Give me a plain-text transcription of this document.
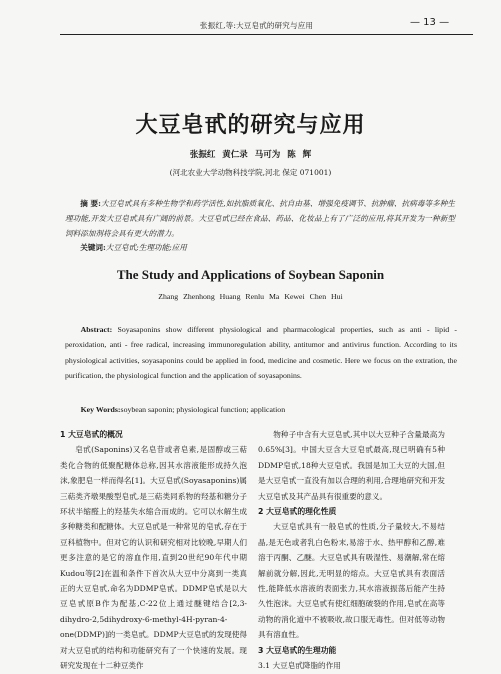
张振红,等:大豆皂甙的研究与应用	— 13 —
大豆皂甙的研究与应用
张振红 黄仁录 马可为 陈 辉
(河北农业大学动物科技学院,河北 保定 071001)
摘 要:大豆皂甙具有多种生物学和药学活性,如抗脂质氧化、抗自由基、增强免疫调节、抗肿瘤、抗病毒等多种生理功能,开发大豆皂甙具有广阔的前景。大豆皂甙已经在食品、药品、化妆品上有了广泛的应用,将其开发为一种新型饲料添加剂将会具有更大的潜力。
关键词:大豆皂甙;生理功能;应用
The Study and Applications of Soybean Saponin
Zhang Zhenhong Huang Renlu Ma Kewei Chen Hui
Abstract: Soyasaponins show different physiological and pharmacological properties, such as anti - lipid - peroxidation, anti - free radical, increasing immunoregulation ability, antitumor and antivirus function. According to its physiological activities, soyasaponins could be applied in food, medicine and cosmetic. Here we focus on the extration, the purification, the physiological function and the application of soyasaponins.
Key Words:soybean saponin; physiological function; application
1 大豆皂甙的概况

皂甙(Saponins)又名皂苷或者皂素,是固醇或三萜类化合物的低聚配糖体总称,因其水溶液能形成持久泡沫,象肥皂一样而得名[1]。大豆皂甙(Soyasaponins)属三萜类齐墩果酸型皂甙,是三萜类同系物的羟基和糖分子环状半缩醛上的羟基失水缩合而成的。它可以水解生成多种糖类和配糖体。大豆皂甙是一种常见的皂甙,存在于豆科植物中。但对它的认识和研究相对比较晚,早期人们更多注意的是它的溶血作用,直到20世纪90年代中期Kudou等[2]在温和条件下首次从大豆中分离到一类真正的大豆皂甙,命名为DDMP皂甙。DDMP皂甙是以大豆皂甙原B作为配基,C-22位上通过醚键结合[2,3-dihydro-2,5dihydroxy-6-methyl-4H-pyran-4-one(DDMP)]的一类皂甙。DDMP大豆皂甙的发现使得对大豆皂甙的结构和功能研究有了一个快速的发展。现研究发现在十二种豆类作

物种子中含有大豆皂甙,其中以大豆种子含量最高为0.65%[3]。中国大豆含大豆皂甙最高,现已明确有5种DDMP皂甙,18种大豆皂甙。我国是加工大豆的大国,但是大豆皂甙一直没有加以合理的利用,合理地研究和开发大豆皂甙及其产品具有很重要的意义。

2 大豆皂甙的理化性质

大豆皂甙具有一般皂甙的性质,分子量较大,不易结晶,是无色或者乳白色粉末,易溶于水、热甲醇和乙醇,难溶于丙酮、乙醚。大豆皂甙具有吸湿性、易潮解,常在熔解前就分解,因此,无明显的熔点。大豆皂甙具有表面活性,能降低水溶液的表面张力,其水溶液振荡后能产生持久性泡沫。大豆皂甙有使红细胞破裂的作用,皂甙在高等动物的消化道中不被吸收,故口服无毒性。但对低等动物具有溶血性。

3 大豆皂甙的生理功能
3.1 大豆皂甙降脂的作用
